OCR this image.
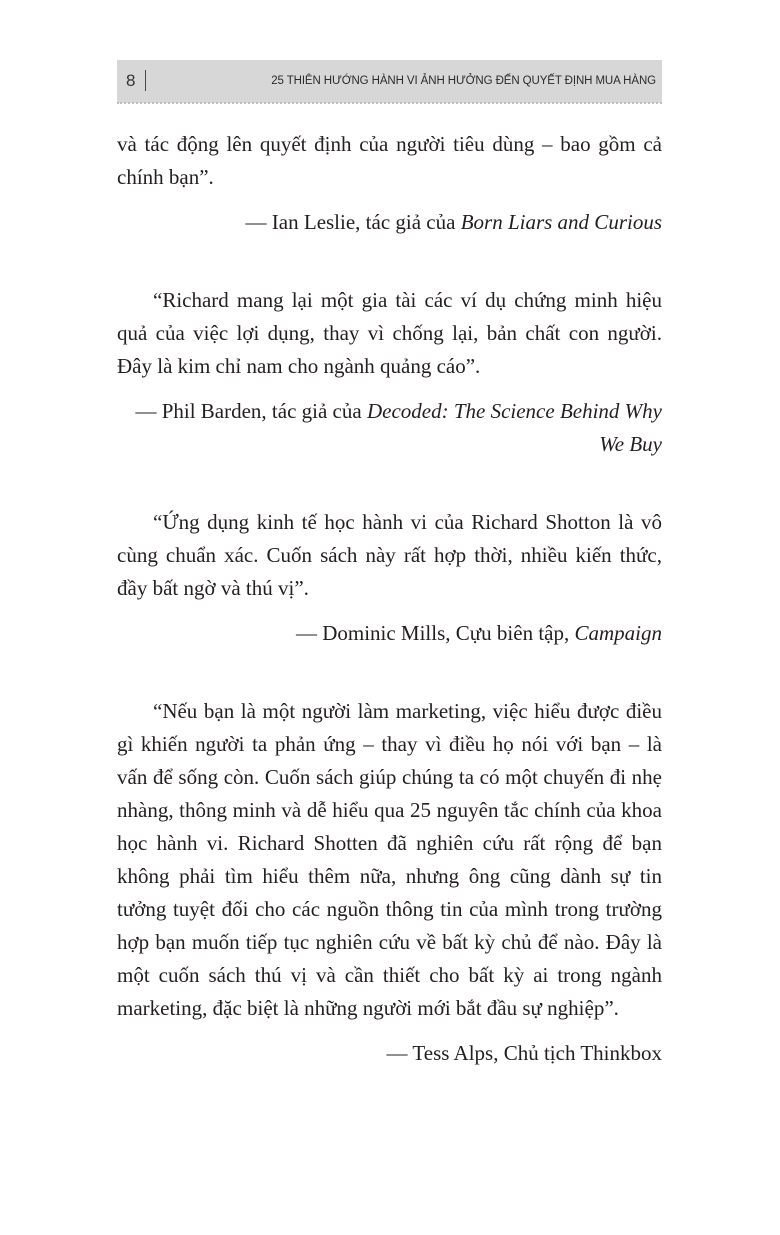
8	25 THIÊN HƯỚNG HÀNH VI ẢNH HƯỞNG ĐẾN QUYẾT ĐỊNH MUA HÀNG

và tác động lên quyết định của người tiêu dùng – bao gồm cả chính bạn”.

— Ian Leslie, tác giả của Born Liars and Curious

“Richard mang lại một gia tài các ví dụ chứng minh hiệu quả của việc lợi dụng, thay vì chống lại, bản chất con người. Đây là kim chỉ nam cho ngành quảng cáo”.

— Phil Barden, tác giả của Decoded: The Science Behind Why We Buy

“Ứng dụng kinh tế học hành vi của Richard Shotton là vô cùng chuẩn xác. Cuốn sách này rất hợp thời, nhiều kiến thức, đầy bất ngờ và thú vị”.

— Dominic Mills, Cựu biên tập, Campaign

“Nếu bạn là một người làm marketing, việc hiểu được điều gì khiến người ta phản ứng – thay vì điều họ nói với bạn – là vấn để sống còn. Cuốn sách giúp chúng ta có một chuyến đi nhẹ nhàng, thông minh và dễ hiểu qua 25 nguyên tắc chính của khoa học hành vi. Richard Shotten đã nghiên cứu rất rộng để bạn không phải tìm hiểu thêm nữa, nhưng ông cũng dành sự tin tưởng tuyệt đối cho các nguồn thông tin của mình trong trường hợp bạn muốn tiếp tục nghiên cứu về bất kỳ chủ để nào. Đây là một cuốn sách thú vị và cần thiết cho bất kỳ ai trong ngành marketing, đặc biệt là những người mới bắt đầu sự nghiệp”.

— Tess Alps, Chủ tịch Thinkbox
